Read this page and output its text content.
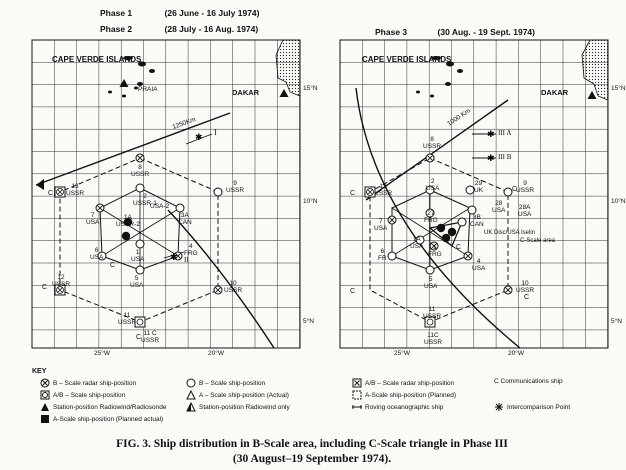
Phase 1	(26 June - 16 July 1974)
Phase 2	(28 July - 16 Aug. 1974)	Phase 3	(30 Aug. - 19 Sept. 1974)
✱
✱
✱
✱
CAPE VERDE ISLANDS
PRAIA	DAKAR	15°N
10°N
5°N
25°W	20°W
1250Km
I
II
CAPE VERDE ISLANDS
DAKAR	15°N
10°N
5°N
25°W	20°W
1000 Km
III A
III B
UK Disc/USA Iselin
C-Scale area
8
USSR
2
USSR-1
USA-2
9
USSR
13
USSR
7
USA
1A
USSR-2
3A
CAN
4
FRG
6
USA
5
USA
1
USA
10
USSR
12
USSR
11
USSR
11 C
USSR
8
USSR
2
USA
29
UK
9
USSR
13
USSR
27
FRG
28
USA 28A
USA
7
USA
3B
CAN
1A
USA	1
FRG
6
FR	4
USA
5
USA	10
USSR
11
USSR
11C
USSR
C
C
C
C
C
C
C
C
C
KEY
B – Scale radar ship-position	B – Scale ship-position	A/B – Scale radar ship-position	C Communications ship
A/B – Scale ship-position	A – Scale ship-position (Actual)	A-Scale ship-position (Planned)
Station-position Radiowind/Radiosonde	Station-position Radiowind only	Roving oceanographic ship	Intercomparison Point
A-Scale ship-position (Planned actual)
FIG. 3. Ship distribution in B-Scale area, including C-Scale triangle in Phase III
(30 August–19 September 1974).
